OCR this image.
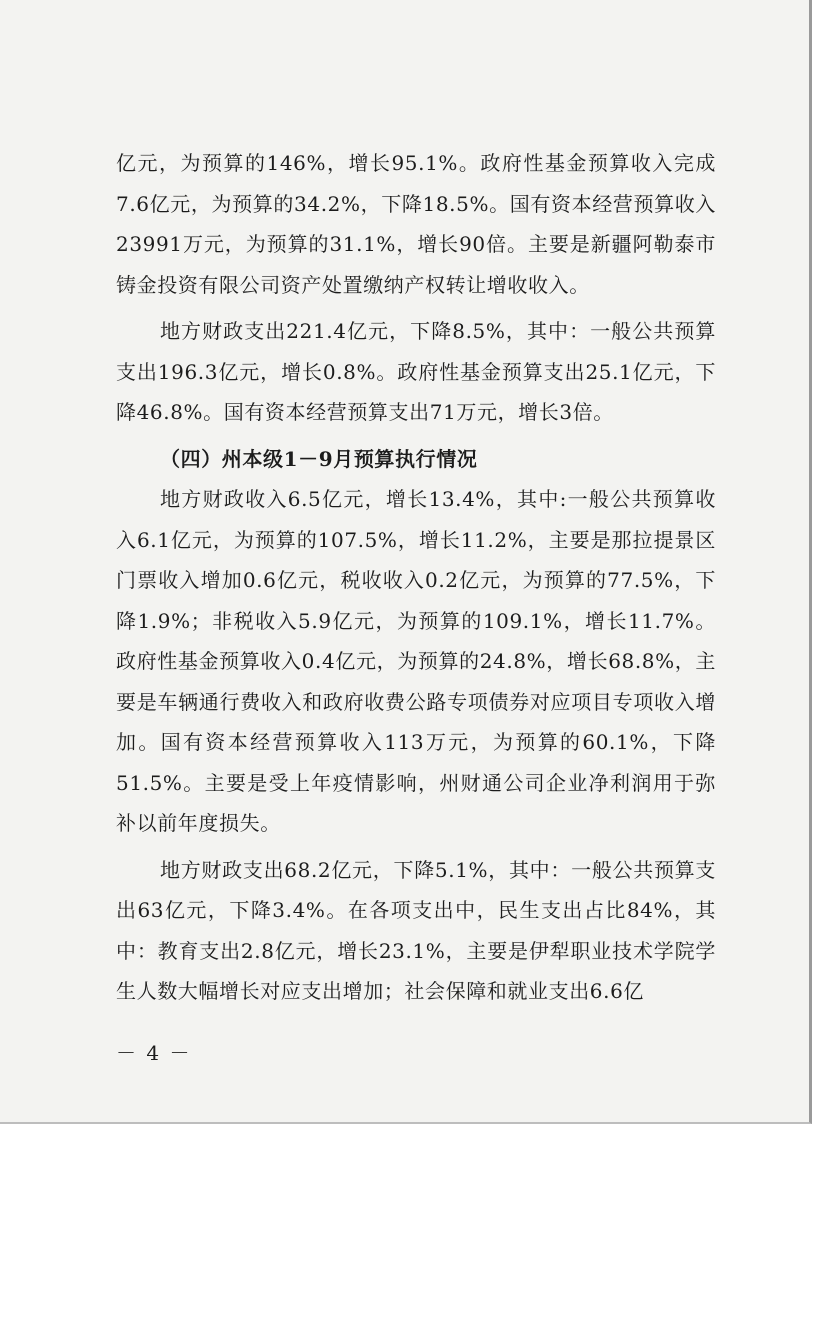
亿元，为预算的146%，增长95.1%。政府性基金预算收入完成7.6亿元，为预算的34.2%，下降18.5%。国有资本经营预算收入23991万元，为预算的31.1%，增长90倍。主要是新疆阿勒泰市铸金投资有限公司资产处置缴纳产权转让增收收入。

地方财政支出221.4亿元，下降8.5%，其中：一般公共预算支出196.3亿元，增长0.8%。政府性基金预算支出25.1亿元，下降46.8%。国有资本经营预算支出71万元，增长3倍。

（四）州本级1－9月预算执行情况

地方财政收入6.5亿元，增长13.4%，其中:一般公共预算收入6.1亿元，为预算的107.5%，增长11.2%，主要是那拉提景区门票收入增加0.6亿元，税收收入0.2亿元，为预算的77.5%，下降1.9%；非税收入5.9亿元，为预算的109.1%，增长11.7%。政府性基金预算收入0.4亿元，为预算的24.8%，增长68.8%，主要是车辆通行费收入和政府收费公路专项债券对应项目专项收入增加。国有资本经营预算收入113万元，为预算的60.1%，下降51.5%。主要是受上年疫情影响，州财通公司企业净利润用于弥补以前年度损失。

地方财政支出68.2亿元，下降5.1%，其中：一般公共预算支出63亿元，下降3.4%。在各项支出中，民生支出占比84%，其中：教育支出2.8亿元，增长23.1%，主要是伊犁职业技术学院学生人数大幅增长对应支出增加；社会保障和就业支出6.6亿

－ 4 －
